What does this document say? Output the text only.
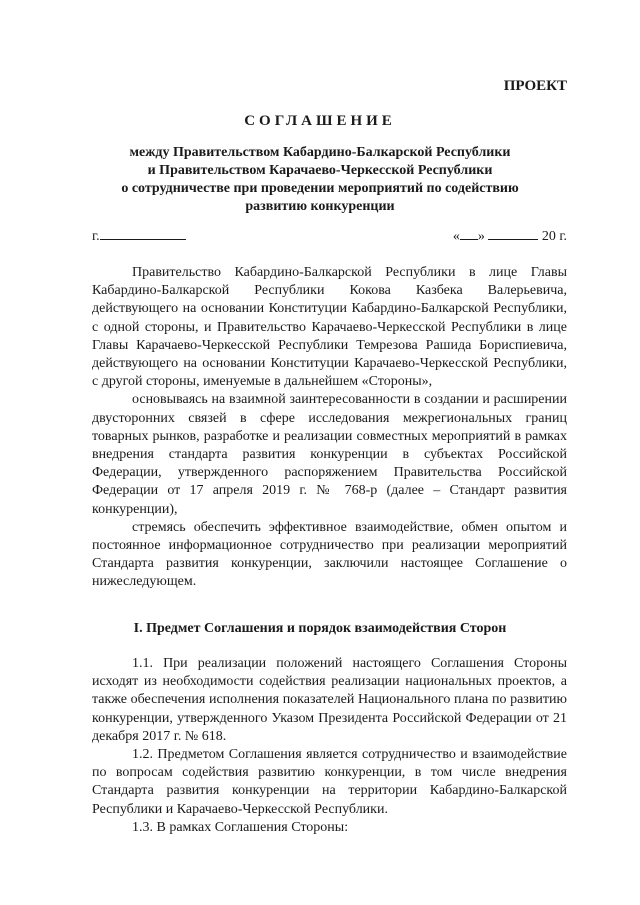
ПРОЕКТ
СОГЛАШЕНИЕ
между Правительством Кабардино-Балкарской Республики
и Правительством Карачаево-Черкесской Республики
о сотрудничестве при проведении мероприятий по содействию
развитию конкуренции
г.	« »	20 г.

Правительство Кабардино-Балкарской Республики в лице Главы Кабардино-Балкарской Республики Кокова Казбека Валерьевича, действующего на основании Конституции Кабардино-Балкарской Республики, с одной стороны, и Правительство Карачаево-Черкесской Республики в лице Главы Карачаево-Черкесской Республики Темрезова Рашида Бориспиевича, действующего на основании Конституции Карачаево-Черкесской Республики, с другой стороны, именуемые в дальнейшем «Стороны»,

основываясь на взаимной заинтересованности в создании и расширении двусторонних связей в сфере исследования межрегиональных границ товарных рынков, разработке и реализации совместных мероприятий в рамках внедрения стандарта развития конкуренции в субъектах Российской Федерации, утвержденного распоряжением Правительства Российской Федерации от 17 апреля 2019 г. № 768-р (далее – Стандарт развития конкуренции),

стремясь обеспечить эффективное взаимодействие, обмен опытом и постоянное информационное сотрудничество при реализации мероприятий Стандарта развития конкуренции, заключили настоящее Соглашение о нижеследующем.

I. Предмет Соглашения и порядок взаимодействия Сторон

1.1. При реализации положений настоящего Соглашения Стороны исходят из необходимости содействия реализации национальных проектов, а также обеспечения исполнения показателей Национального плана по развитию конкуренции, утвержденного Указом Президента Российской Федерации от 21 декабря 2017 г. № 618.

1.2. Предметом Соглашения является сотрудничество и взаимодействие по вопросам содействия развитию конкуренции, в том числе внедрения Стандарта развития конкуренции на территории Кабардино-Балкарской Республики и Карачаево-Черкесской Республики.

1.3. В рамках Соглашения Стороны:
